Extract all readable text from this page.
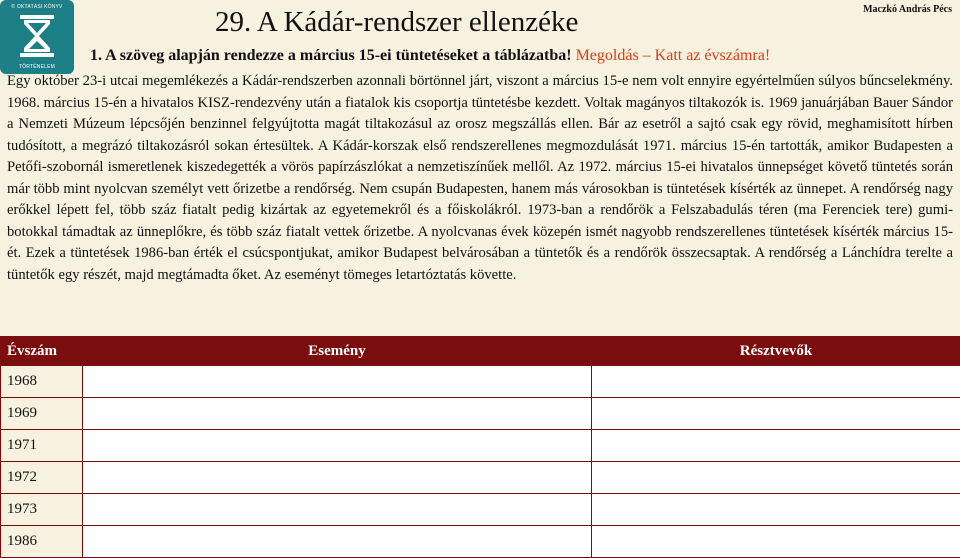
© OKTATÁSI KÖNYV
TÖRTÉNELEM
29. A Kádár-rendszer ellenzéke	Maczkó András Pécs
1. A szöveg alapján rendezze a március 15-ei tüntetéseket a táblázatba! Megoldás – Katt az évszámra!
Egy október 23-i utcai megemlékezés a Kádár-rendszerben azonnali börtönnel járt, viszont a március 15-e nem volt ennyire egyértelműen súlyos bűncselekmény. 1968. március 15-én a hivatalos KISZ-rendezvény után a fiatalok kis csoportja tüntetésbe kezdett. Voltak magányos tiltakozók is. 1969 januárjában Bauer Sándor a Nemzeti Múzeum lépcsőjén benzinnel felgyújtotta magát tiltakozásul az orosz megszállás ellen. Bár az esetről a sajtó csak egy rövid, meghamisított hírben tudósított, a megrázó tiltakozásról sokan értesültek. A Kádár-korszak első rendszerellenes megmozdulását 1971. március 15-én tartották, amikor Budapesten a Petőfi-szobornál ismeretlenek kiszedegették a vörös papírzászlókat a nemzetiszínűek mellől. Az 1972. március 15-ei hivatalos ünnepséget követő tüntetés során már több mint nyolcvan személyt vett őrizetbe a rendőrség. Nem csupán Budapesten, hanem más városokban is tüntetések kísérték az ünnepet. A rendőrség nagy erőkkel lépett fel, több száz fiatalt pedig kizártak az egyetemekről és a főiskolákról. 1973-ban a rendőrök a Felszabadulás téren (ma Ferenciek tere) gumi-botokkal támadtak az ünneplőkre, és több száz fiatalt vettek őrizetbe. A nyolcvanas évek közepén ismét nagyobb rendszerellenes tüntetések kísérték március 15-ét. Ezek a tüntetések 1986-ban érték el csúcspontjukat, amikor Budapest belvárosában a tüntetők és a rendőrök összecsaptak. A rendőrség a Lánchídra terelte a tüntetők egy részét, majd megtámadta őket. Az eseményt tömeges letartóztatás követte.
Évszám	Esemény	Résztvevők
1968		
1969		
1971		
1972		
1973		
1986		
